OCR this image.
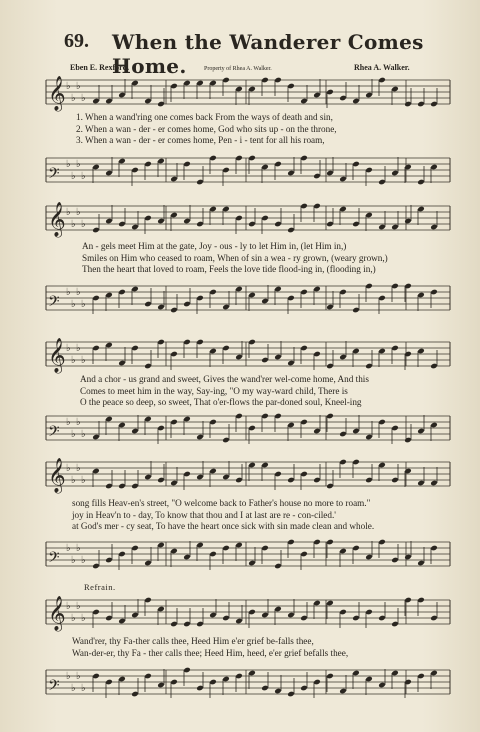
69. When the Wanderer Comes Home.
Eben E. Rexford.	Property of Rhea A. Walker.	Rhea A. Walker.
𝄞 ♭
♭
♭
♭
1. When a wand'ring one comes back From the ways of death and sin,
2. When a wan - der - er comes home, God who sits up - on the throne,
3. When a wan - der - er comes home, Pen - i - tent for all his roam,
𝄢
♭
♭
♭
♭
𝄞 ♭
♭
♭
♭
An - gels meet Him at the gate, Joy - ous - ly to let Him in, (let Him in,)
Smiles on Him who ceased to roam, When of sin a wea - ry grown, (weary grown,)
Then the heart that loved to roam, Feels the love tide flood-ing in, (flooding in,)
𝄢
♭
♭
♭
♭
𝄞 ♭
♭
♭
♭
And a chor - us grand and sweet, Gives the wand'rer wel-come home, And this
Comes to meet him in the way, Say-ing, "O my way-ward child, There is
O the peace so deep, so sweet, That o'er-flows the par-doned soul, Kneel-ing
𝄢
♭
♭
♭
♭
𝄞 ♭
♭
♭
♭
song fills Heav-en's street, "O welcome back to Father's house no more to roam."
joy in Heav'n to - day, To know that thou and I at last are re - con-ciled.'
at God's mer - cy seat, To have the heart once sick with sin made clean and whole.
𝄢
♭
♭
♭
♭
Refrain.
𝄞 ♭
♭
♭
♭
Wand'rer, thy Fa-ther calls thee, Heed Him e'er grief be-falls thee,
Wan-der-er, thy Fa - ther calls thee; Heed Him, heed, e'er grief befalls thee,
𝄢
♭
♭
♭
♭
